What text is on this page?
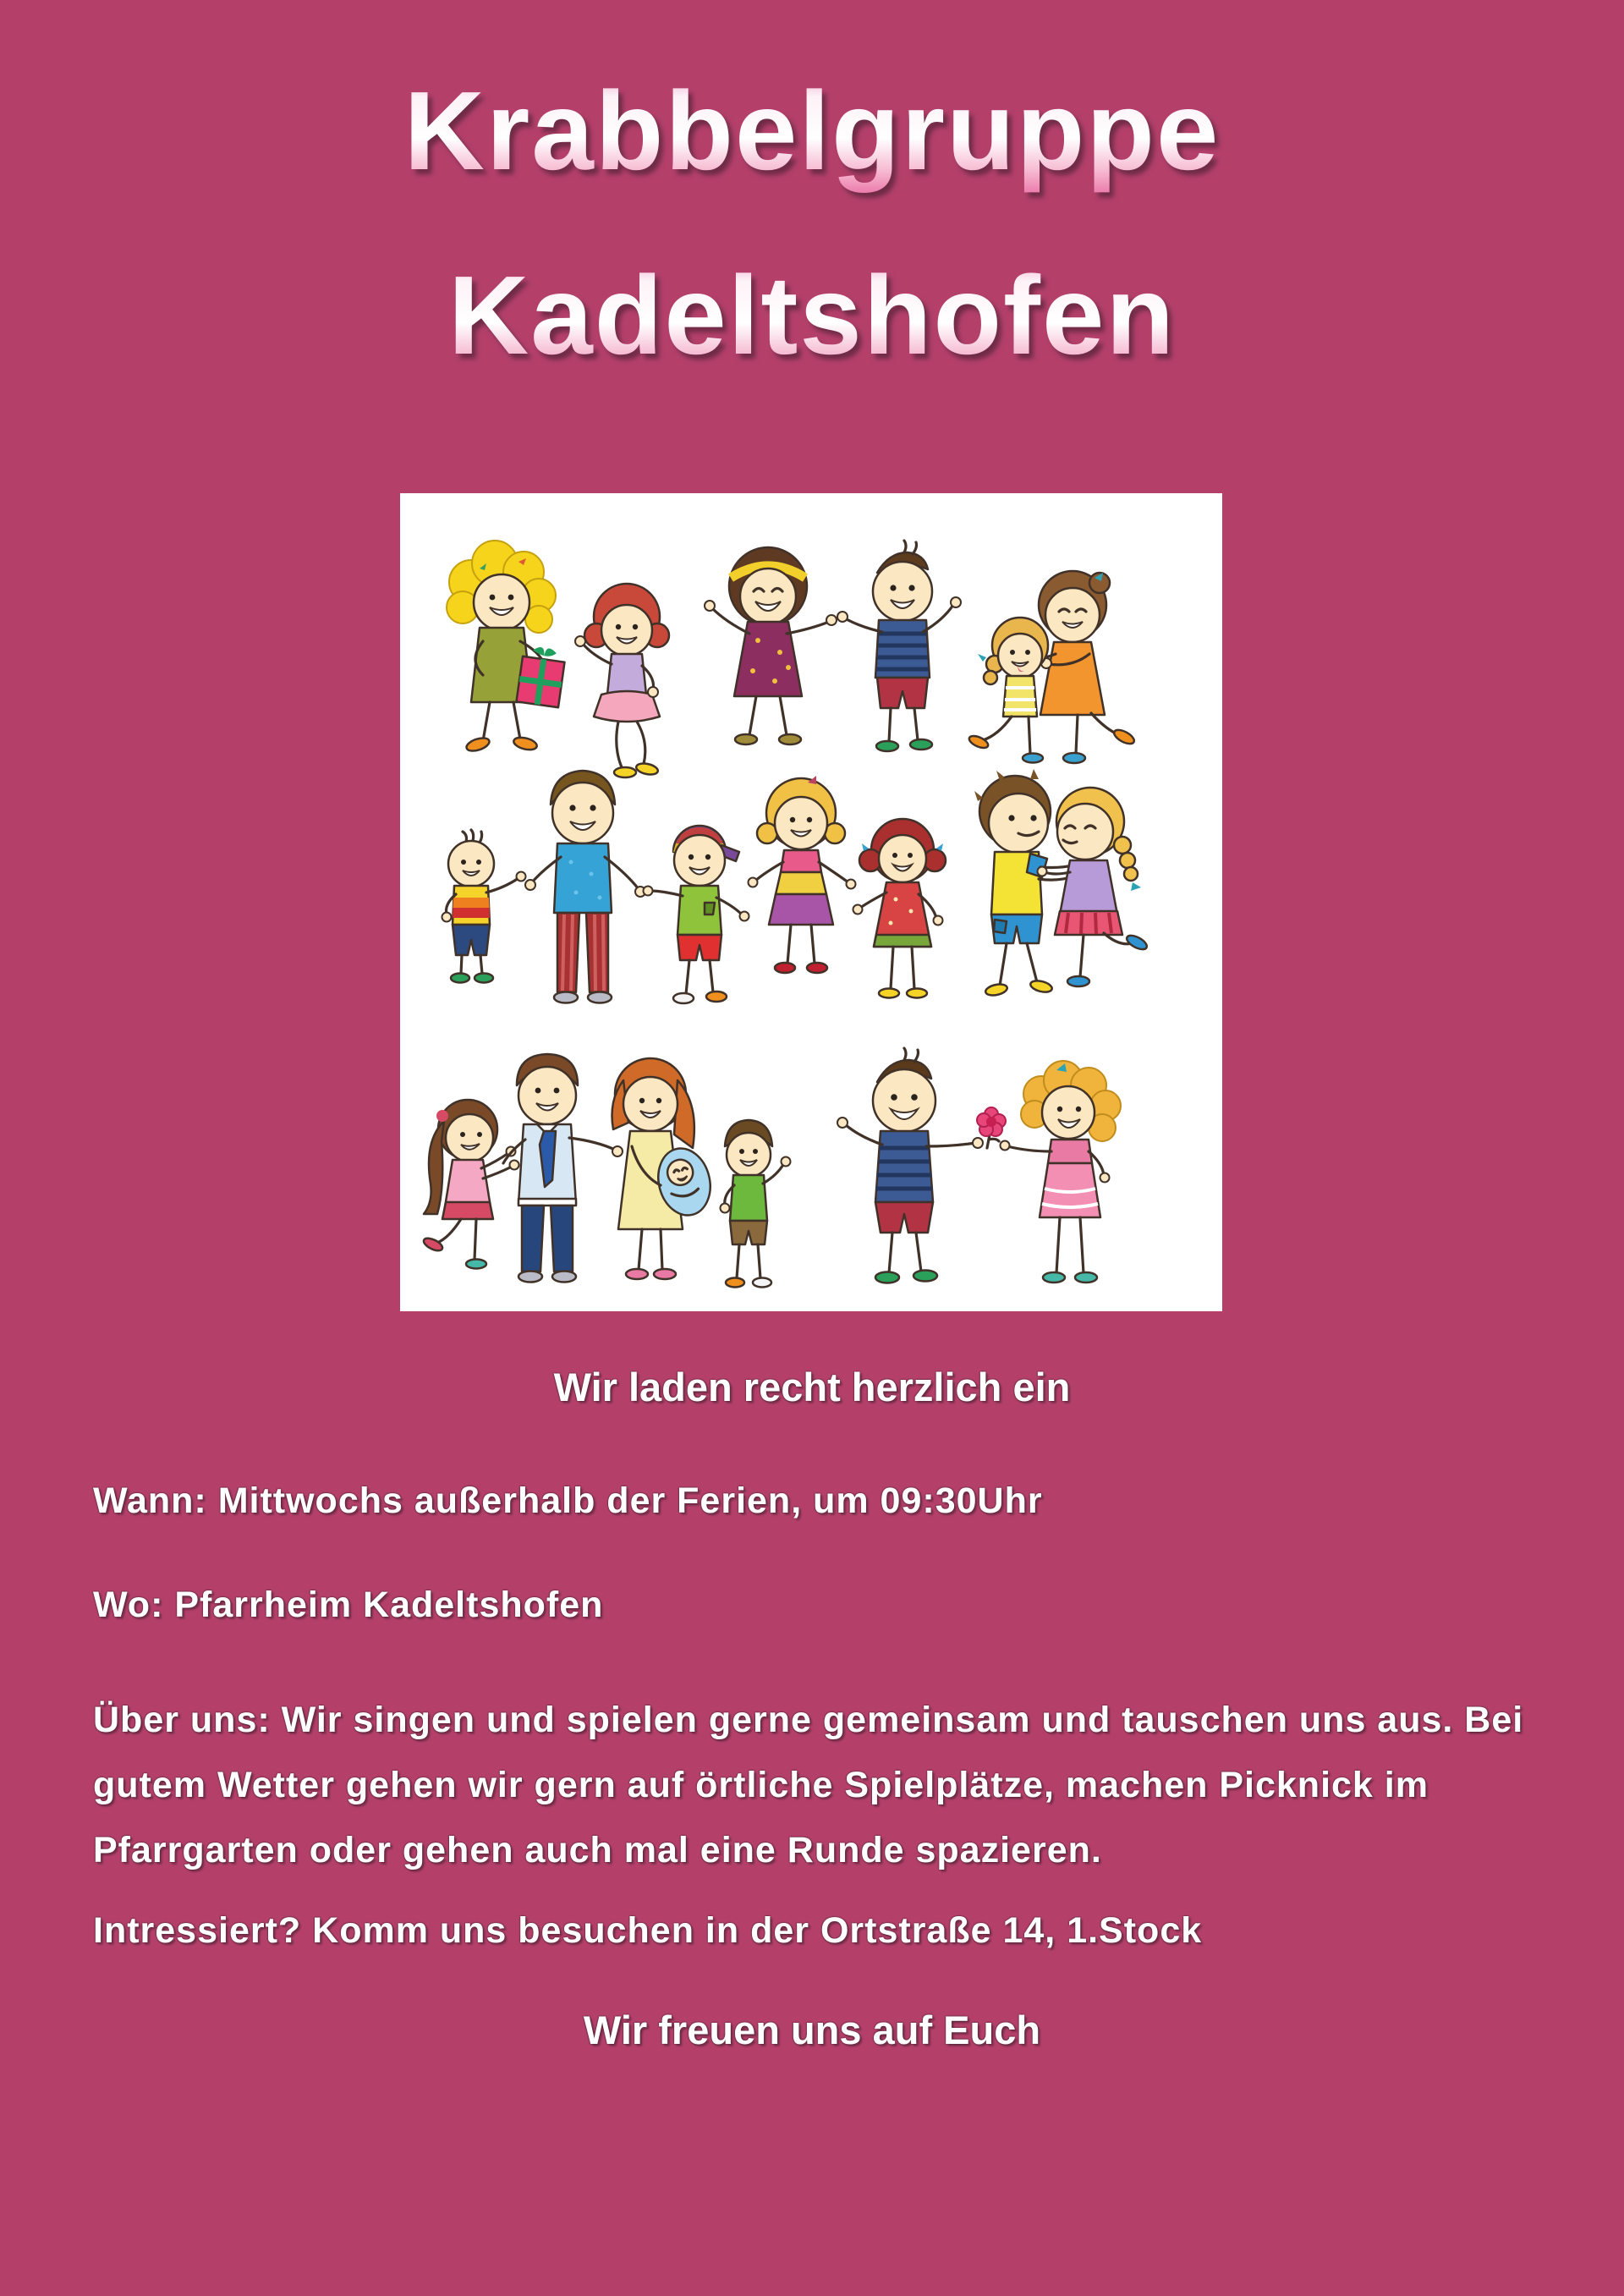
Krabbelgruppe
Kadeltshofen
Wir laden recht herzlich ein
Wann: Mittwochs außerhalb der Ferien, um 09:30Uhr
Wo: Pfarrheim Kadeltshofen
Über uns: Wir singen und spielen gerne gemeinsam und tauschen uns aus. Bei
gutem Wetter gehen wir gern auf örtliche Spielplätze, machen Picknick im
Pfarrgarten oder gehen auch mal eine Runde spazieren.
Intressiert? Komm uns besuchen in der Ortstraße 14, 1.Stock
Wir freuen uns auf Euch
